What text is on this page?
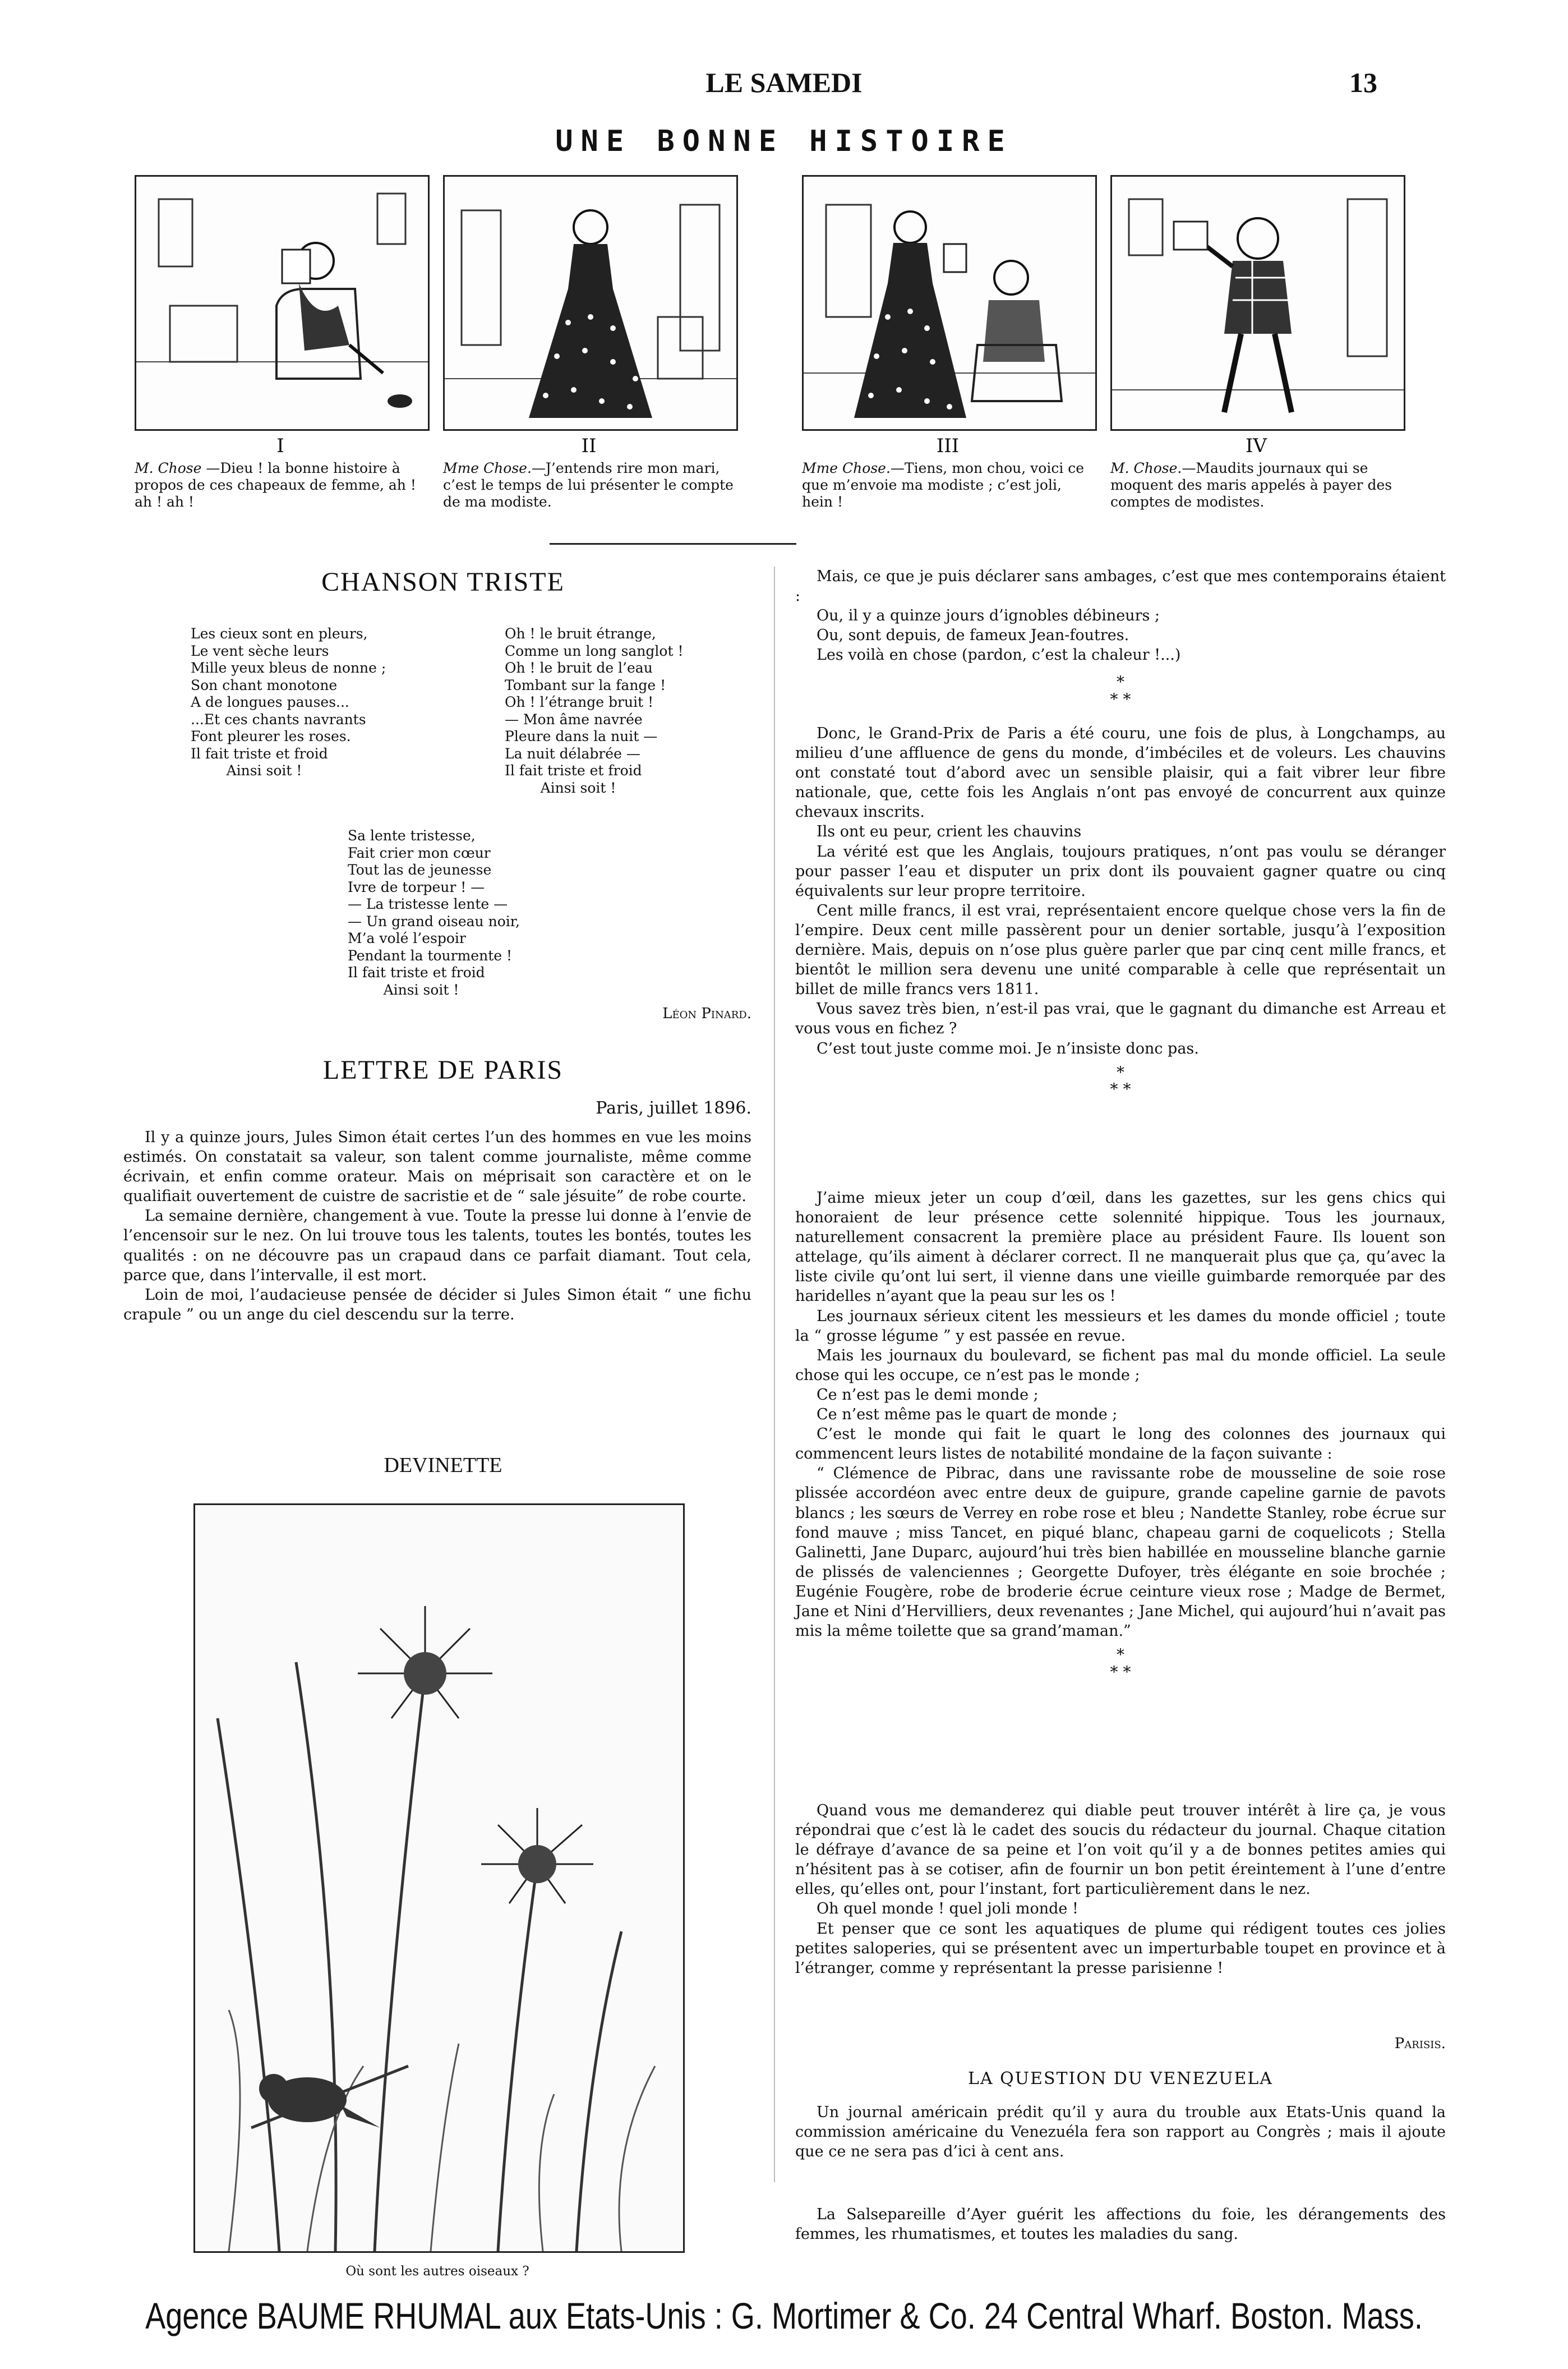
LE SAMEDI	13
UNE BONNE HISTOIRE
I	II	III	IV
M. Chose —Dieu ! la bonne histoire à propos de ces chapeaux de femme, ah ! ah ! ah !
Mme Chose.—J’entends rire mon mari, c’est le temps de lui présenter le compte de ma modiste.
Mme Chose.—Tiens, mon chou, voici ce que m’envoie ma modiste ; c’est joli, hein !
M. Chose.—Maudits journaux qui se moquent des maris appelés à payer des comptes de modistes.
CHANSON TRISTE
Les cieux sont en pleurs,
Le vent sèche leurs
Mille yeux bleus de nonne ;
Son chant monotone
A de longues pauses...
...Et ces chants navrants
Font pleurer les roses.
Il fait triste et froid
Ainsi soit !
Oh ! le bruit étrange,
Comme un long sanglot !
Oh ! le bruit de l’eau
Tombant sur la fange !
Oh ! l’étrange bruit !
— Mon âme navrée
Pleure dans la nuit —
La nuit délabrée —
Il fait triste et froid
Ainsi soit !
Sa lente tristesse,
Fait crier mon cœur
Tout las de jeunesse
Ivre de torpeur ! —
— La tristesse lente —
— Un grand oiseau noir,
M’a volé l’espoir
Pendant la tourmente !
Il fait triste et froid
Ainsi soit !
Léon Pinard.
LETTRE DE PARIS
Paris, juillet 1896.

Il y a quinze jours, Jules Simon était certes l’un des hommes en vue les moins estimés. On constatait sa valeur, son talent comme journaliste, même comme écrivain, et enfin comme orateur. Mais on méprisait son caractère et on le qualifiait ouvertement de cuistre de sacristie et de “ sale jésuite” de robe courte.

La semaine dernière, changement à vue. Toute la presse lui donne à l’envie de l’encensoir sur le nez. On lui trouve tous les talents, toutes les bontés, toutes les qualités : on ne découvre pas un crapaud dans ce parfait diamant. Tout cela, parce que, dans l’intervalle, il est mort.

Loin de moi, l’audacieuse pensée de décider si Jules Simon était “ une fichu crapule ” ou un ange du ciel descendu sur la terre.

DEVINETTE
Où sont les autres oiseaux ?

Mais, ce que je puis déclarer sans ambages, c’est que mes contemporains étaient :

Ou, il y a quinze jours d’ignobles débineurs ;

Ou, sont depuis, de fameux Jean-foutres.

Les voilà en chose (pardon, c’est la chaleur !...)

*
* *

Donc, le Grand-Prix de Paris a été couru, une fois de plus, à Longchamps, au milieu d’une affluence de gens du monde, d’imbéciles et de voleurs. Les chauvins ont constaté tout d’abord avec un sensible plaisir, qui a fait vibrer leur fibre nationale, que, cette fois les Anglais n’ont pas envoyé de concurrent aux quinze chevaux inscrits.

Ils ont eu peur, crient les chauvins

La vérité est que les Anglais, toujours pratiques, n’ont pas voulu se déranger pour passer l’eau et disputer un prix dont ils pouvaient gagner quatre ou cinq équivalents sur leur propre territoire.

Cent mille francs, il est vrai, représentaient encore quelque chose vers la fin de l’empire. Deux cent mille passèrent pour un denier sortable, jusqu’à l’exposition dernière. Mais, depuis on n’ose plus guère parler que par cinq cent mille francs, et bientôt le million sera devenu une unité comparable à celle que représentait un billet de mille francs vers 1811.

Vous savez très bien, n’est-il pas vrai, que le gagnant du dimanche est Arreau et vous vous en fichez ?

C’est tout juste comme moi. Je n’insiste donc pas.

*
* *

J’aime mieux jeter un coup d’œil, dans les gazettes, sur les gens chics qui honoraient de leur présence cette solennité hippique. Tous les journaux, naturellement consacrent la première place au président Faure. Ils louent son attelage, qu’ils aiment à déclarer correct. Il ne manquerait plus que ça, qu’avec la liste civile qu’ont lui sert, il vienne dans une vieille guimbarde remorquée par des haridelles n’ayant que la peau sur les os !

Les journaux sérieux citent les messieurs et les dames du monde officiel ; toute la “ grosse légume ” y est passée en revue.

Mais les journaux du boulevard, se fichent pas mal du monde officiel. La seule chose qui les occupe, ce n’est pas le monde ;

Ce n’est pas le demi monde ;

Ce n’est même pas le quart de monde ;

C’est le monde qui fait le quart le long des colonnes des journaux qui commencent leurs listes de notabilité mondaine de la façon suivante :

“ Clémence de Pibrac, dans une ravissante robe de mousseline de soie rose plissée accordéon avec entre deux de guipure, grande capeline garnie de pavots blancs ; les sœurs de Verrey en robe rose et bleu ; Nandette Stanley, robe écrue sur fond mauve ; miss Tancet, en piqué blanc, chapeau garni de coquelicots ; Stella Galinetti, Jane Duparc, aujourd’hui très bien habillée en mousseline blanche garnie de plissés de valenciennes ; Georgette Dufoyer, très élégante en soie brochée ; Eugénie Fougère, robe de broderie écrue ceinture vieux rose ; Madge de Bermet, Jane et Nini d’Hervilliers, deux revenantes ; Jane Michel, qui aujourd’hui n’avait pas mis la même toilette que sa grand’maman.”

*
* *

Quand vous me demanderez qui diable peut trouver intérêt à lire ça, je vous répondrai que c’est là le cadet des soucis du rédacteur du journal. Chaque citation le défraye d’avance de sa peine et l’on voit qu’il y a de bonnes petites amies qui n’hésitent pas à se cotiser, afin de fournir un bon petit éreintement à l’une d’entre elles, qu’elles ont, pour l’instant, fort particulièrement dans le nez.

Oh quel monde ! quel joli monde !

Et penser que ce sont les aquatiques de plume qui rédigent toutes ces jolies petites saloperies, qui se présentent avec un imperturbable toupet en province et à l’étranger, comme y représentant la presse parisienne !

Parisis.
LA QUESTION DU VENEZUELA

Un journal américain prédit qu’il y aura du trouble aux Etats-Unis quand la commission américaine du Venezuéla fera son rapport au Congrès ; mais il ajoute que ce ne sera pas d’ici à cent ans.

La Salsepareille d’Ayer guérit les affections du foie, les dérangements des femmes, les rhumatismes, et toutes les maladies du sang.

Agence BAUME RHUMAL aux Etats-Unis : G. Mortimer & Co. 24 Central Wharf. Boston. Mass.
